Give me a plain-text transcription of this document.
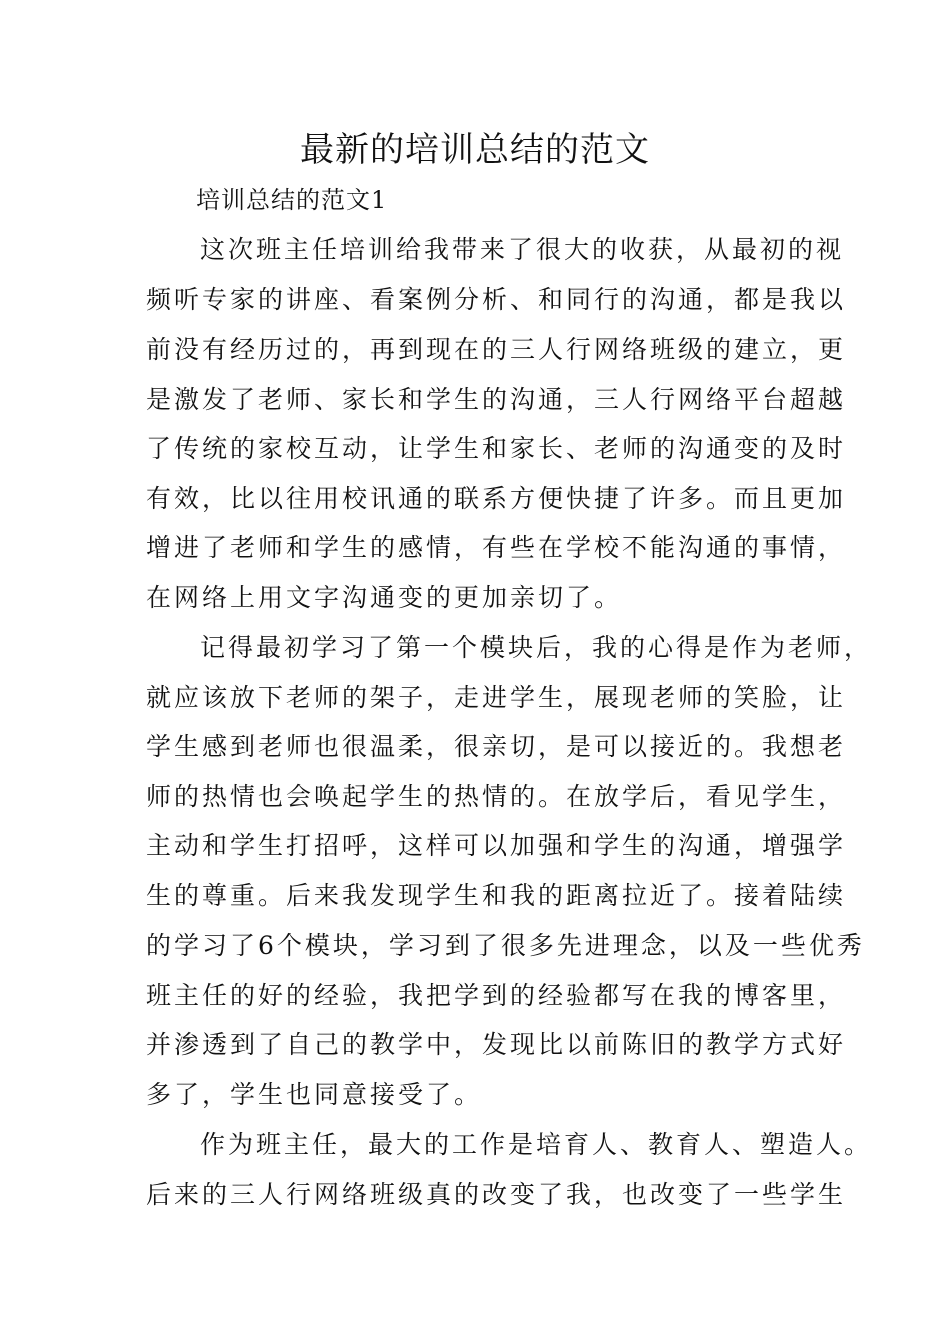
最新的培训总结的范文
培训总结的范文1
这次班主任培训给我带来了很大的收获，从最初的视
频听专家的讲座、看案例分析、和同行的沟通，都是我以
前没有经历过的，再到现在的三人行网络班级的建立，更
是激发了老师、家长和学生的沟通，三人行网络平台超越
了传统的家校互动，让学生和家长、老师的沟通变的及时
有效，比以往用校讯通的联系方便快捷了许多。而且更加
增进了老师和学生的感情，有些在学校不能沟通的事情，
在网络上用文字沟通变的更加亲切了。
记得最初学习了第一个模块后，我的心得是作为老师，
就应该放下老师的架子，走进学生，展现老师的笑脸，让
学生感到老师也很温柔，很亲切，是可以接近的。我想老
师的热情也会唤起学生的热情的。在放学后，看见学生，
主动和学生打招呼，这样可以加强和学生的沟通，增强学
生的尊重。后来我发现学生和我的距离拉近了。接着陆续
的学习了6个模块，学习到了很多先进理念，以及一些优秀
班主任的好的经验，我把学到的经验都写在我的博客里，
并渗透到了自己的教学中，发现比以前陈旧的教学方式好
多了，学生也同意接受了。
作为班主任，最大的工作是培育人、教育人、塑造人。
后来的三人行网络班级真的改变了我，也改变了一些学生
